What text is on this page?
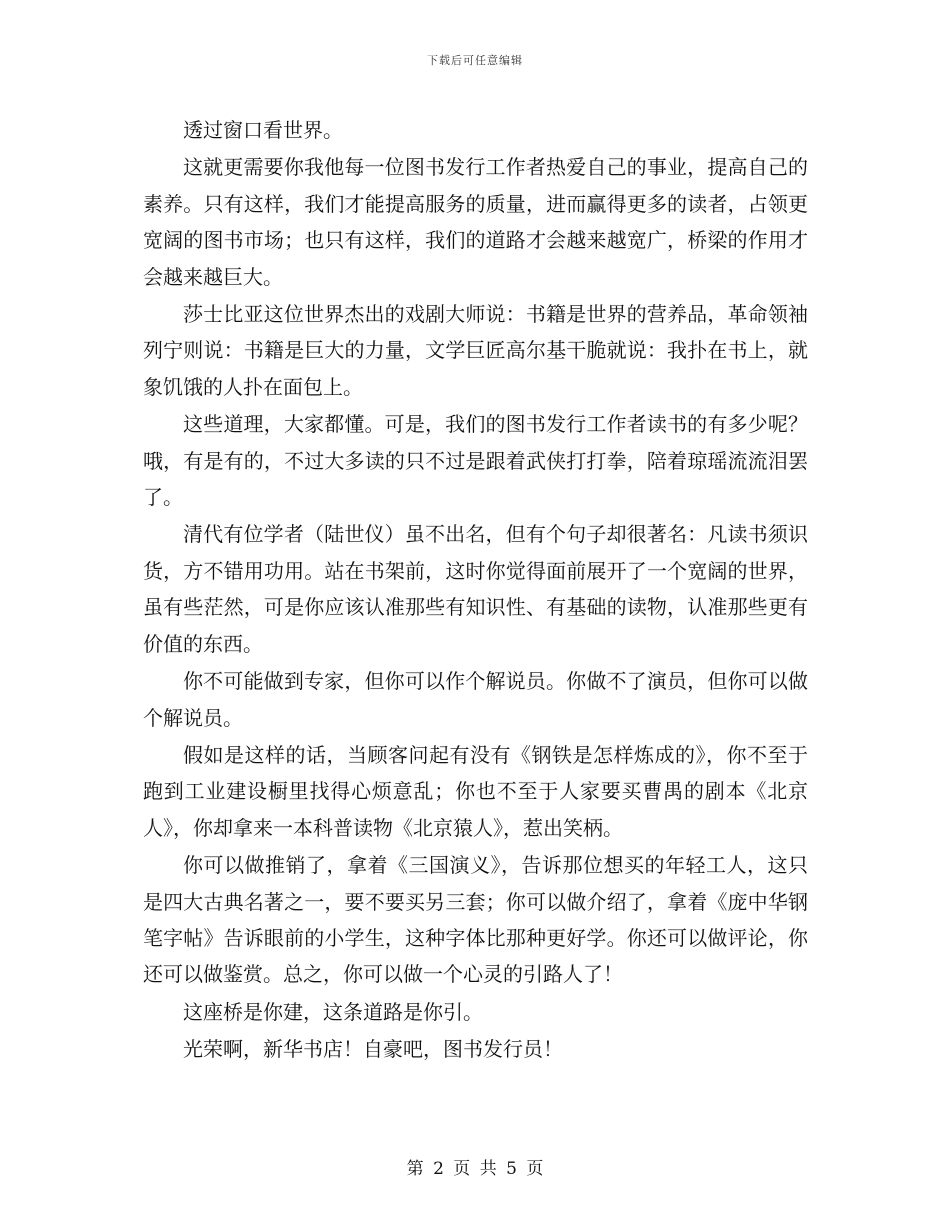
下载后可任意编辑

透过窗口看世界。

这就更需要你我他每一位图书发行工作者热爱自己的事业，提高自己的素养。只有这样，我们才能提高服务的质量，进而赢得更多的读者，占领更宽阔的图书市场；也只有这样，我们的道路才会越来越宽广，桥梁的作用才会越来越巨大。

莎士比亚这位世界杰出的戏剧大师说：书籍是世界的营养品，革命领袖列宁则说：书籍是巨大的力量，文学巨匠高尔基干脆就说：我扑在书上，就象饥饿的人扑在面包上。

这些道理，大家都懂。可是，我们的图书发行工作者读书的有多少呢？哦，有是有的，不过大多读的只不过是跟着武侠打打拳，陪着琼瑶流流泪罢了。

清代有位学者（陆世仪）虽不出名，但有个句子却很著名：凡读书须识货，方不错用功用。站在书架前，这时你觉得面前展开了一个宽阔的世界，虽有些茫然，可是你应该认准那些有知识性、有基础的读物，认准那些更有价值的东西。

你不可能做到专家，但你可以作个解说员。你做不了演员，但你可以做个解说员。

假如是这样的话，当顾客问起有没有《钢铁是怎样炼成的》，你不至于跑到工业建设橱里找得心烦意乱；你也不至于人家要买曹禺的剧本《北京人》，你却拿来一本科普读物《北京猿人》，惹出笑柄。

你可以做推销了，拿着《三国演义》，告诉那位想买的年轻工人，这只是四大古典名著之一，要不要买另三套；你可以做介绍了，拿着《庞中华钢笔字帖》告诉眼前的小学生，这种字体比那种更好学。你还可以做评论，你还可以做鉴赏。总之，你可以做一个心灵的引路人了！

这座桥是你建，这条道路是你引。

光荣啊，新华书店！自豪吧，图书发行员！

第 2 页 共 5 页
